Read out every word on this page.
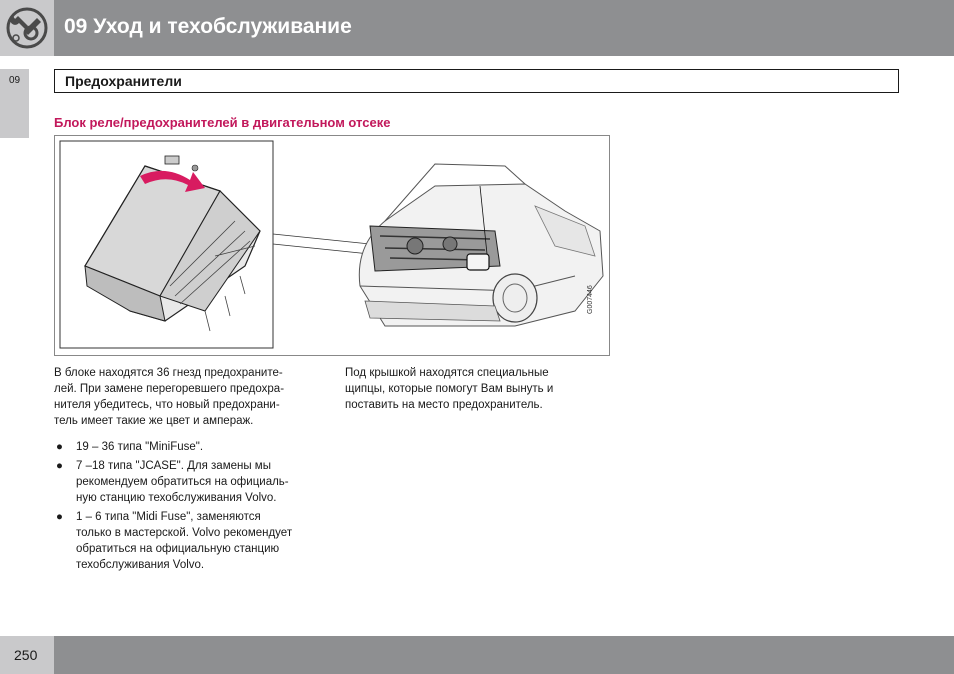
09 Уход и техобслуживание
09	Предохранители
Блок реле/предохранителей в двигательном отсеке
G007446

В блоке находятся 36 гнезд предохраните-
лей. При замене перегоревшего предохра-
нителя убедитесь, что новый предохрани-
тель имеет такие же цвет и ампераж.

● 19 – 36 типа "MiniFuse".
● 7 –18 типа "JCASE". Для замены мы
рекомендуем обратиться на официаль-
ную станцию техобслуживания Volvo.
● 1 – 6 типа "Midi Fuse", заменяются
только в мастерской. Volvo рекомендует
обратиться на официальную станцию
техобслуживания Volvo.

Под крышкой находятся специальные
щипцы, которые помогут Вам вынуть и
поставить на место предохранитель.

250
